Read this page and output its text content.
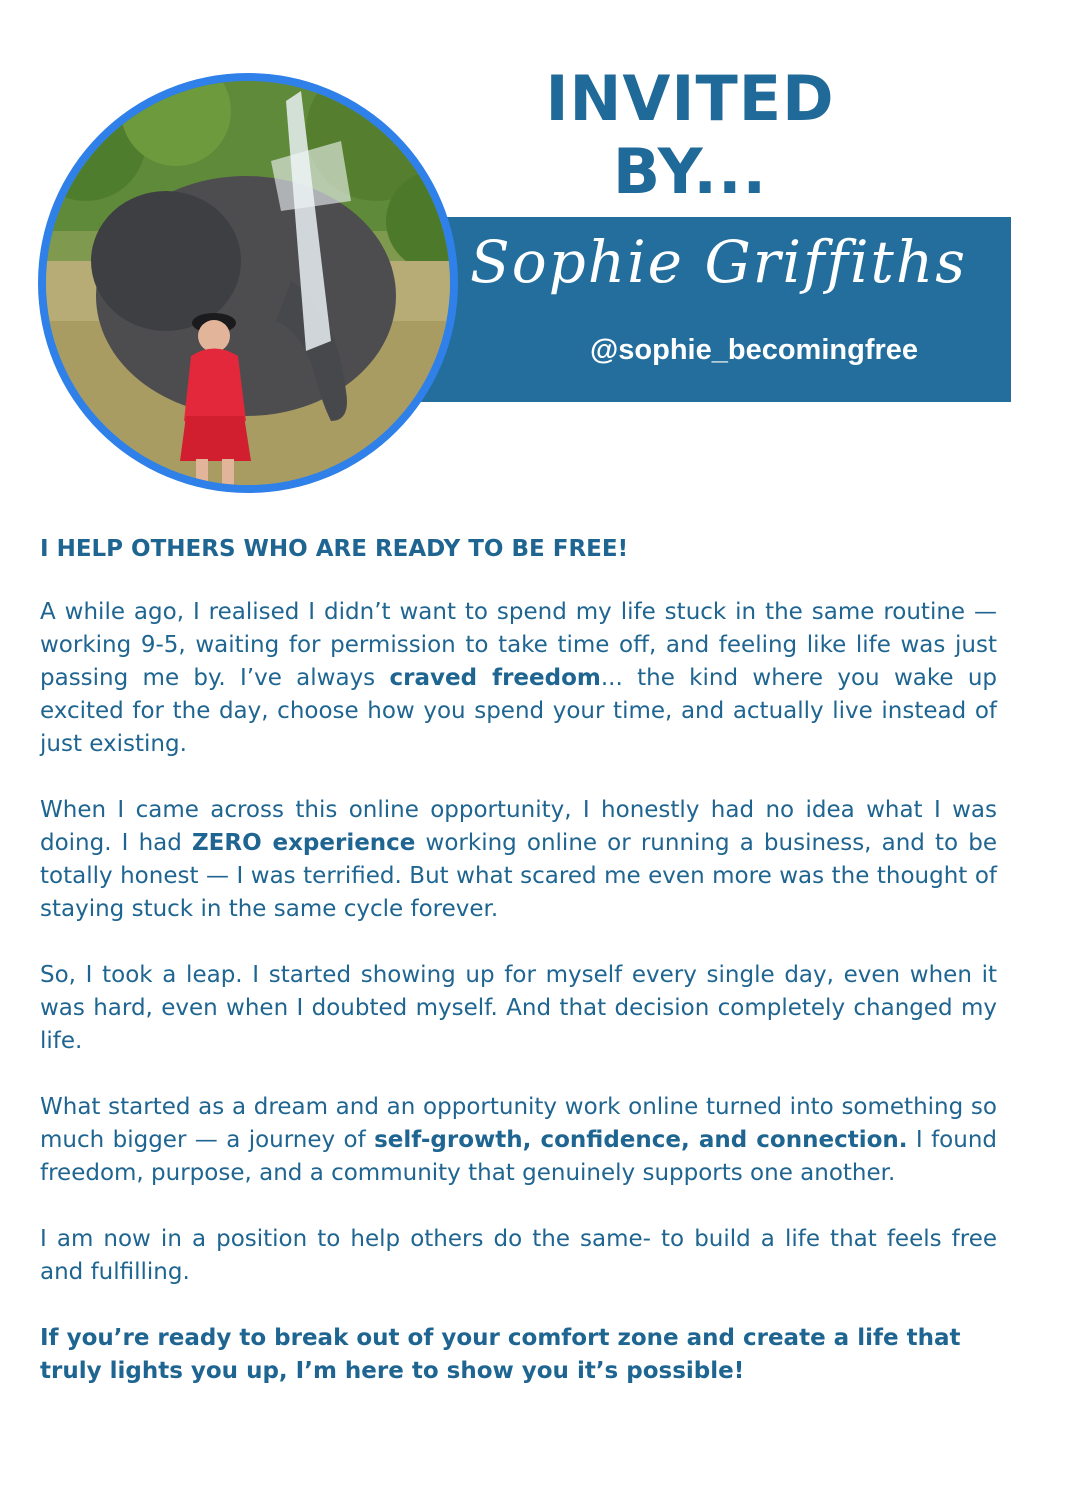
INVITED BY...
Sophie Griffiths
@sophie_becomingfree

I HELP OTHERS WHO ARE READY TO BE FREE!

A while ago, I realised I didn’t want to spend my life stuck in the same routine — working 9-5, waiting for permission to take time off, and feeling like life was just passing me by. I’ve always craved freedom... the kind where you wake up excited for the day, choose how you spend your time, and actually live instead of just existing.

When I came across this online opportunity, I honestly had no idea what I was doing. I had ZERO experience working online or running a business, and to be totally honest — I was terrified. But what scared me even more was the thought of staying stuck in the same cycle forever.

So, I took a leap. I started showing up for myself every single day, even when it was hard, even when I doubted myself. And that decision completely changed my life.

What started as a dream and an opportunity work online turned into something so much bigger — a journey of self-growth, confidence, and connection. I found freedom, purpose, and a community that genuinely supports one another.

I am now in a position to help others do the same- to build a life that feels free and fulfilling.

If you’re ready to break out of your comfort zone and create a life that truly lights you up, I’m here to show you it’s possible!
